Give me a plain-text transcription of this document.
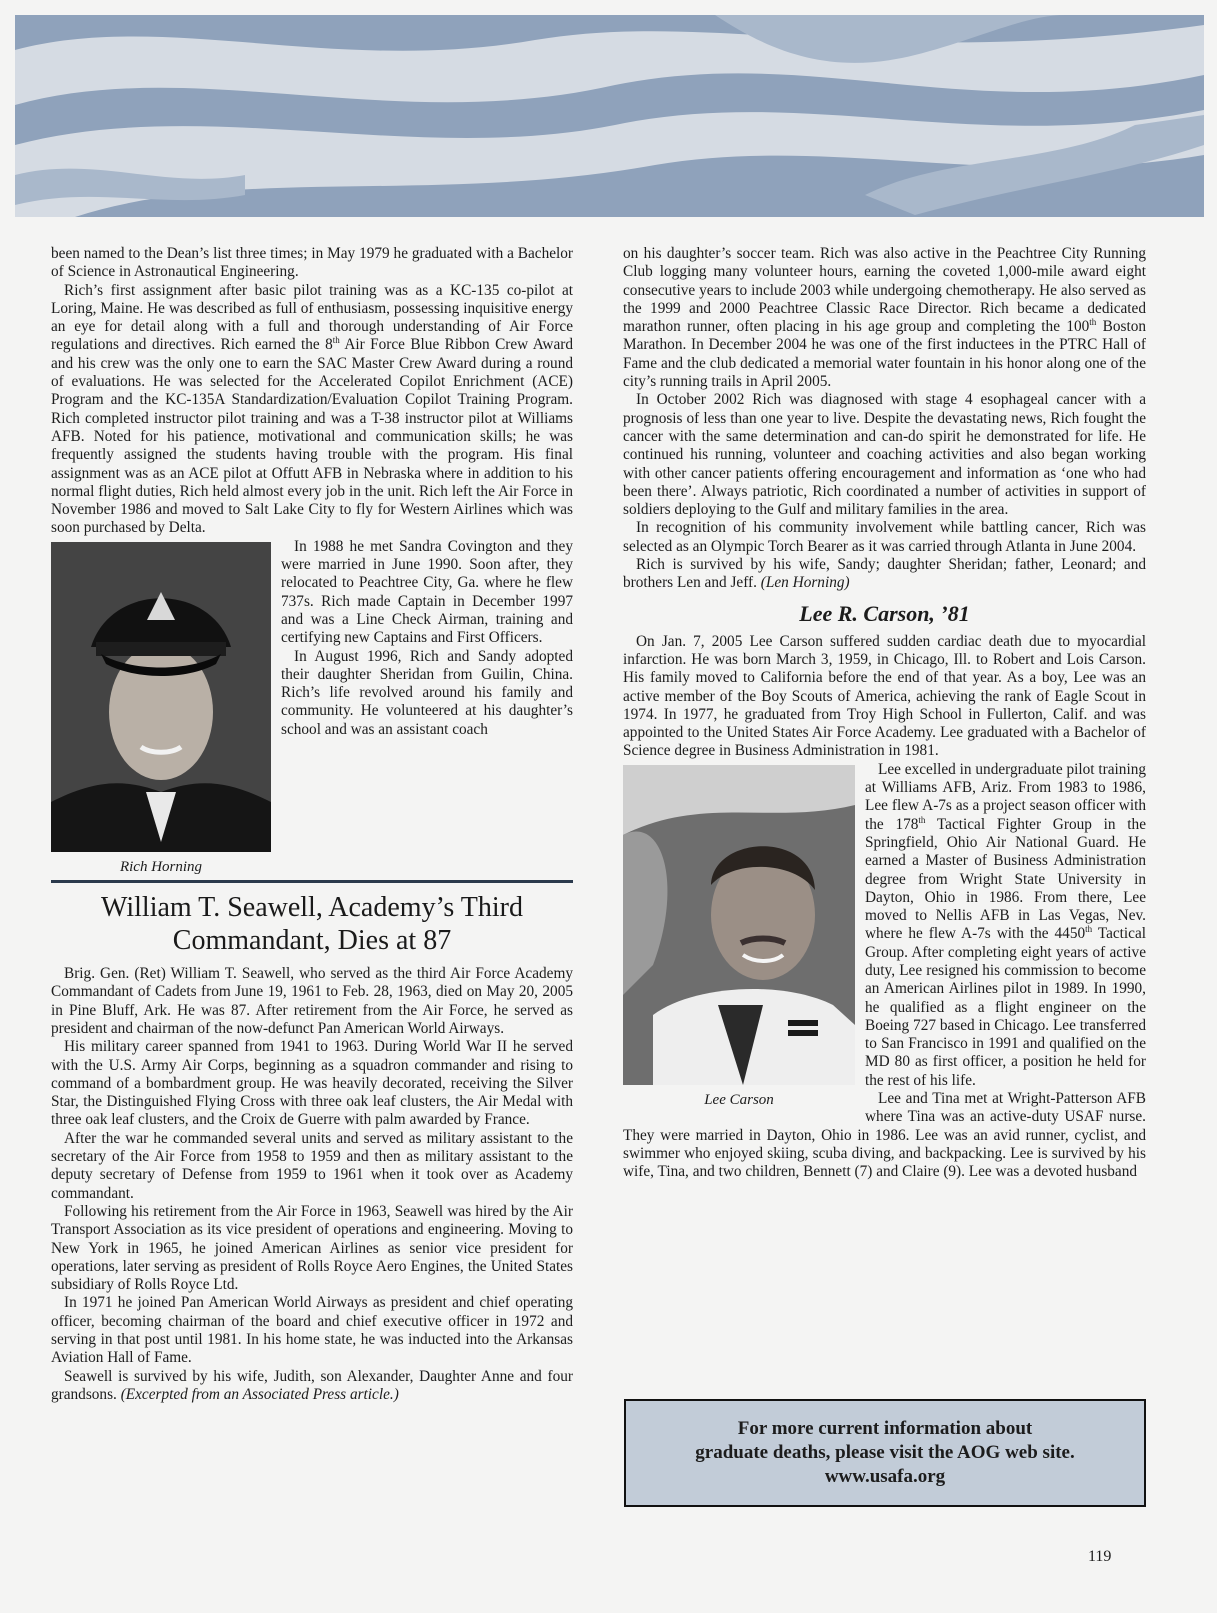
been named to the Dean’s list three times; in May 1979 he graduated with a Bachelor of Science in Astronautical Engineering.

Rich’s first assignment after basic pilot training was as a KC-135 co-pilot at Loring, Maine. He was described as full of enthusiasm, possessing inquisitive energy an eye for detail along with a full and thorough understanding of Air Force regulations and directives. Rich earned the 8th Air Force Blue Ribbon Crew Award and his crew was the only one to earn the SAC Master Crew Award during a round of evaluations. He was selected for the Accelerated Copilot Enrichment (ACE) Program and the KC-135A Standardization/Evaluation Copilot Training Program. Rich completed instructor pilot training and was a T-38 instructor pilot at Williams AFB. Noted for his patience, motivational and communication skills; he was frequently assigned the students having trouble with the program. His final assignment was as an ACE pilot at Offutt AFB in Nebraska where in addition to his normal flight duties, Rich held almost every job in the unit. Rich left the Air Force in November 1986 and moved to Salt Lake City to fly for Western Airlines which was soon purchased by Delta.

Rich Horning

In 1988 he met Sandra Covington and they were married in June 1990. Soon after, they relocated to Peachtree City, Ga. where he flew 737s. Rich made Captain in December 1997 and was a Line Check Airman, training and certifying new Captains and First Officers.

In August 1996, Rich and Sandy adopted their daughter Sheridan from Guilin, China. Rich’s life revolved around his family and community. He volunteered at his daughter’s school and was an assistant coach

William T. Seawell, Academy’s Third Commandant, Dies at 87

Brig. Gen. (Ret) William T. Seawell, who served as the third Air Force Academy Commandant of Cadets from June 19, 1961 to Feb. 28, 1963, died on May 20, 2005 in Pine Bluff, Ark. He was 87. After retirement from the Air Force, he served as president and chairman of the now-defunct Pan American World Airways.

His military career spanned from 1941 to 1963. During World War II he served with the U.S. Army Air Corps, beginning as a squadron commander and rising to command of a bombardment group. He was heavily decorated, receiving the Silver Star, the Distinguished Flying Cross with three oak leaf clusters, the Air Medal with three oak leaf clusters, and the Croix de Guerre with palm awarded by France.

After the war he commanded several units and served as military assistant to the secretary of the Air Force from 1958 to 1959 and then as military assistant to the deputy secretary of Defense from 1959 to 1961 when it took over as Academy commandant.

Following his retirement from the Air Force in 1963, Seawell was hired by the Air Transport Association as its vice president of operations and engineering. Moving to New York in 1965, he joined American Airlines as senior vice president for operations, later serving as president of Rolls Royce Aero Engines, the United States subsidiary of Rolls Royce Ltd.

In 1971 he joined Pan American World Airways as president and chief operating officer, becoming chairman of the board and chief executive officer in 1972 and serving in that post until 1981. In his home state, he was inducted into the Arkansas Aviation Hall of Fame.

Seawell is survived by his wife, Judith, son Alexander, Daughter Anne and four grandsons. (Excerpted from an Associated Press article.)

on his daughter’s soccer team. Rich was also active in the Peachtree City Running Club logging many volunteer hours, earning the coveted 1,000-mile award eight consecutive years to include 2003 while undergoing chemotherapy. He also served as the 1999 and 2000 Peachtree Classic Race Director. Rich became a dedicated marathon runner, often placing in his age group and completing the 100th Boston Marathon. In December 2004 he was one of the first inductees in the PTRC Hall of Fame and the club dedicated a memorial water fountain in his honor along one of the city’s running trails in April 2005.

In October 2002 Rich was diagnosed with stage 4 esophageal cancer with a prognosis of less than one year to live. Despite the devastating news, Rich fought the cancer with the same determination and can-do spirit he demonstrated for life. He continued his running, volunteer and coaching activities and also began working with other cancer patients offering encouragement and information as ‘one who had been there’. Always patriotic, Rich coordinated a number of activities in support of soldiers deploying to the Gulf and military families in the area.

In recognition of his community involvement while battling cancer, Rich was selected as an Olympic Torch Bearer as it was carried through Atlanta in June 2004.

Rich is survived by his wife, Sandy; daughter Sheridan; father, Leonard; and brothers Len and Jeff. (Len Horning)

Lee R. Carson, ’81

On Jan. 7, 2005 Lee Carson suffered sudden cardiac death due to myocardial infarction. He was born March 3, 1959, in Chicago, Ill. to Robert and Lois Carson. His family moved to California before the end of that year. As a boy, Lee was an active member of the Boy Scouts of America, achieving the rank of Eagle Scout in 1974. In 1977, he graduated from Troy High School in Fullerton, Calif. and was appointed to the United States Air Force Academy. Lee graduated with a Bachelor of Science degree in Business Administration in 1981.

Lee Carson

Lee excelled in undergraduate pilot training at Williams AFB, Ariz. From 1983 to 1986, Lee flew A-7s as a project season officer with the 178th Tactical Fighter Group in the Springfield, Ohio Air National Guard. He earned a Master of Business Administration degree from Wright State University in Dayton, Ohio in 1986. From there, Lee moved to Nellis AFB in Las Vegas, Nev. where he flew A-7s with the 4450th Tactical Group. After completing eight years of active duty, Lee resigned his commission to become an American Airlines pilot in 1989. In 1990, he qualified as a flight engineer on the Boeing 727 based in Chicago. Lee transferred to San Francisco in 1991 and qualified on the MD 80 as first officer, a position he held for the rest of his life.

Lee and Tina met at Wright-Patterson AFB where Tina was an active-duty USAF nurse. They were married in Dayton, Ohio in 1986. Lee was an avid runner, cyclist, and swimmer who enjoyed skiing, scuba diving, and backpacking. Lee is survived by his wife, Tina, and two children, Bennett (7) and Claire (9). Lee was a devoted husband

For more current information about
graduate deaths, please visit the AOG web site.
www.usafa.org
119
